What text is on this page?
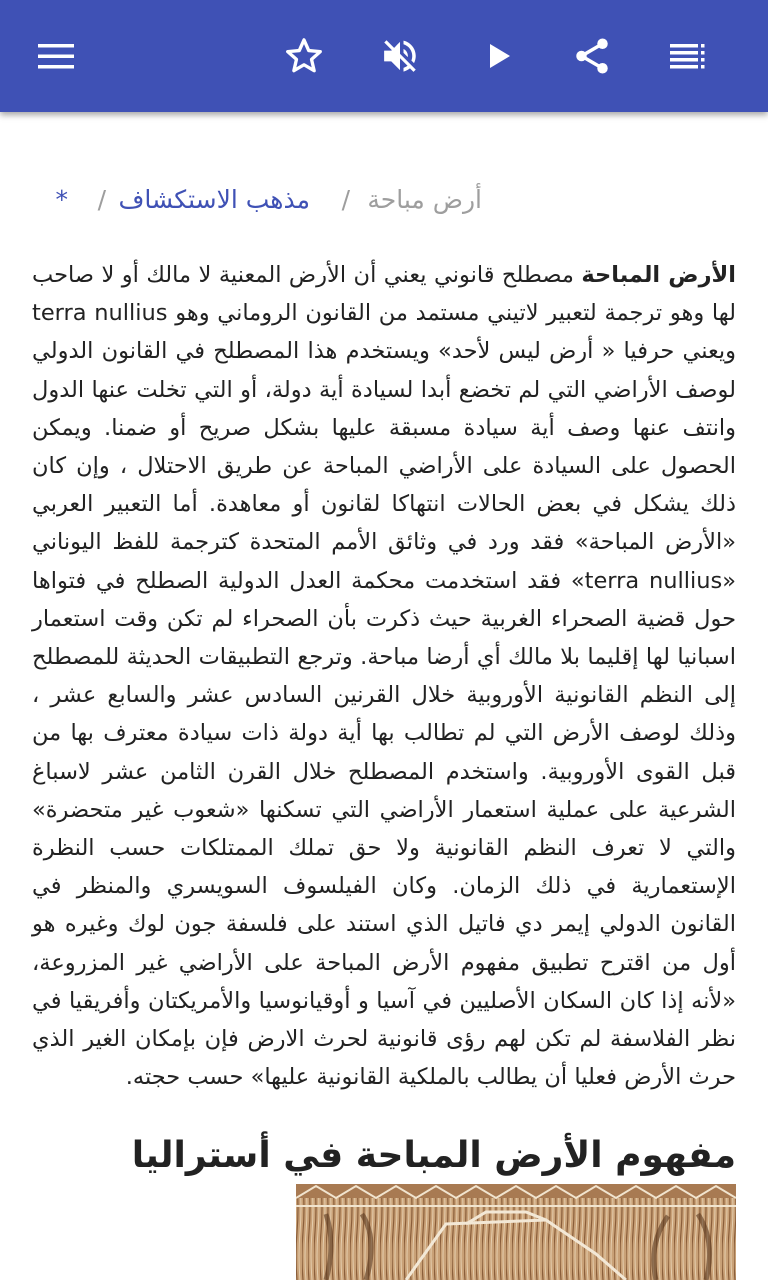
أرض مباحة
/
مذهب الاستكشاف
/
*

الأرض المباحة مصطلح قانوني يعني أن الأرض المعنية لا مالك أو لا صاحب لها وهو ترجمة لتعبير لاتيني مستمد من القانون الروماني وهو terra nullius ويعني حرفيا « أرض ليس لأحد» ويستخدم هذا المصطلح في القانون الدولي لوصف الأراضي التي لم تخضع أبدا لسيادة أية دولة، أو التي تخلت عنها الدول وانتف عنها وصف أية سيادة مسبقة عليها بشكل صريح أو ضمنا. ويمكن الحصول على السيادة على الأراضي المباحة عن طريق الاحتلال ، وإن كان ذلك يشكل في بعض الحالات انتهاكا لقانون أو معاهدة. أما التعبير العربي «الأرض المباحة» فقد ورد في وثائق الأمم المتحدة كترجمة للفظ اليوناني «terra nullius» فقد استخدمت محكمة العدل الدولية الصطلح في فتواها حول قضية الصحراء الغربية حيث ذكرت بأن الصحراء لم تكن وقت استعمار اسبانيا لها إقليما بلا مالك أي أرضا مباحة. وترجع التطبيقات الحديثة للمصطلح إلى النظم القانونية الأوروبية خلال القرنين السادس عشر والسابع عشر ، وذلك لوصف الأرض التي لم تطالب بها أية دولة ذات سيادة معترف بها من قبل القوى الأوروبية. واستخدم المصطلح خلال القرن الثامن عشر لاسباغ الشرعية على عملية استعمار الأراضي التي تسكنها «شعوب غير متحضرة» والتي لا تعرف النظم القانونية ولا حق تملك الممتلكات حسب النظرة الإستعمارية في ذلك الزمان. وكان الفيلسوف السويسري والمنظر في القانون الدولي إيمر دي فاتيل الذي استند على فلسفة جون لوك وغيره هو أول من اقترح تطبيق مفهوم الأرض المباحة على الأراضي غير المزروعة، «لأنه إذا كان السكان الأصليين في آسيا و أوقيانوسيا والأمريكتان وأفريقيا في نظر الفلاسفة لم تكن لهم رؤى قانونية لحرث الارض فإن بإمكان الغير الذي حرث الأرض فعليا أن يطالب بالملكية القانونية عليها» حسب حجته.

مفهوم الأرض المباحة في أستراليا
